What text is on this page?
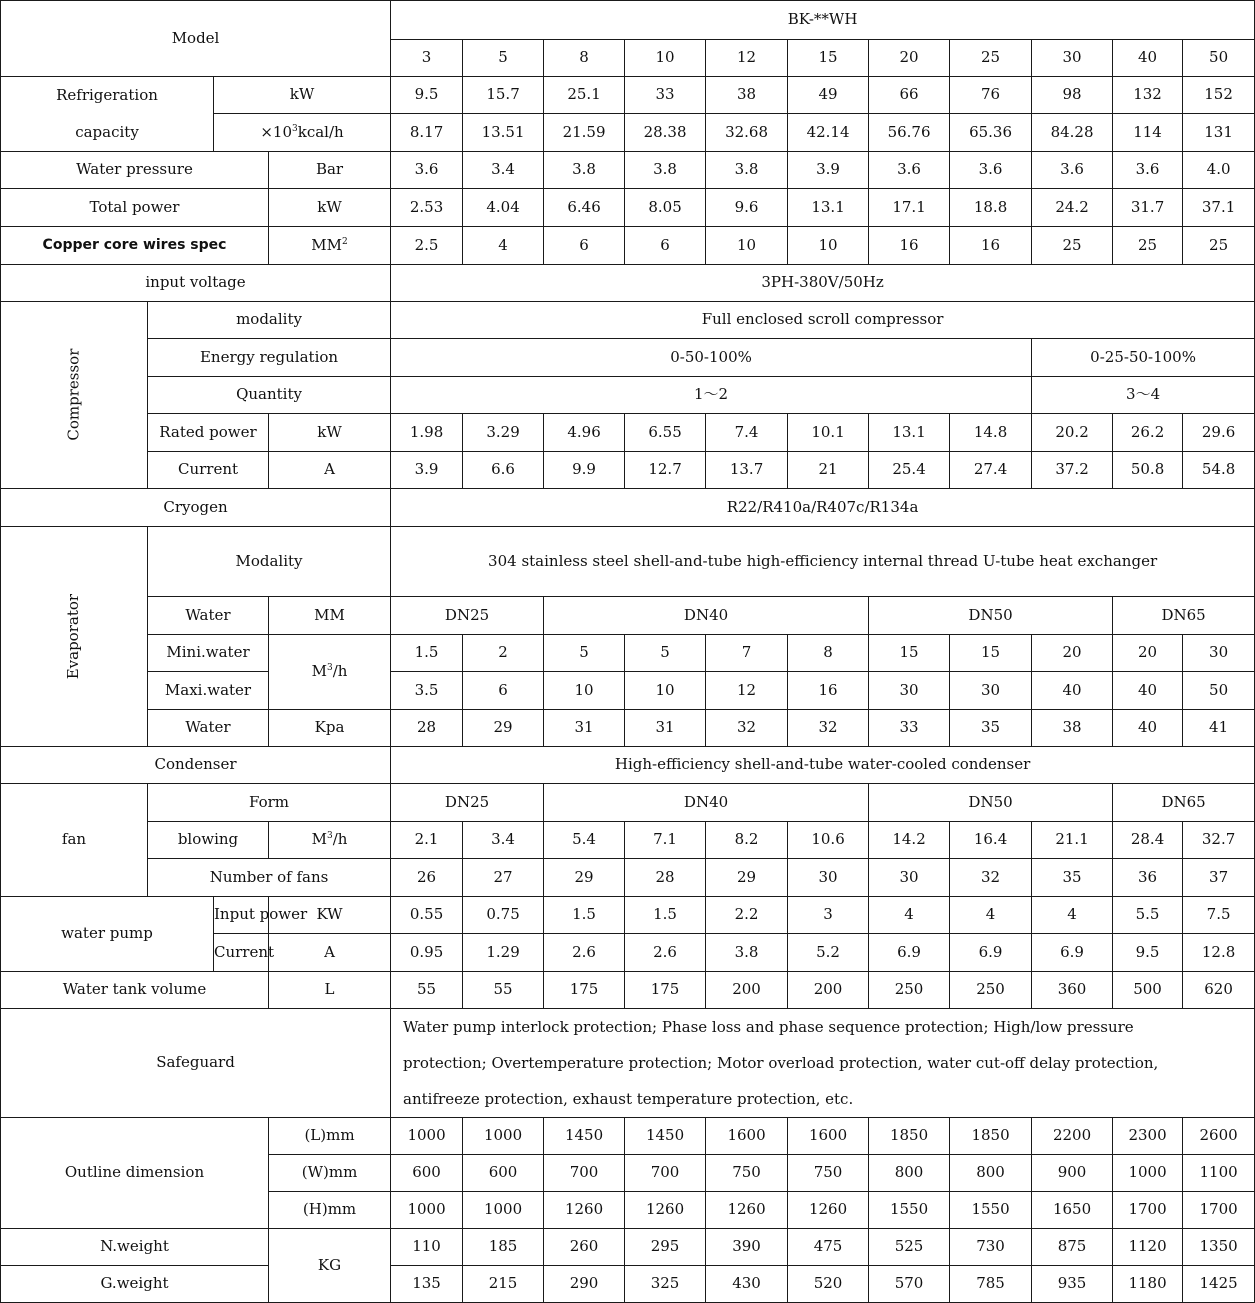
Model				BK-**WH										
				3	5	8	10	12	15	20	25	30	40	50
Refrigeration		kW		9.5	15.7	25.1	33	38	49	66	76	98	132	152
capacity		$\times 10^3kcal/h$		8.17	13.51	21.59	28.38	32.68	42.14	56.76	65.36	84.28	114	131
Water pressure			Bar	3.6	3.4	3.8	3.8	3.8	3.9	3.6	3.6	3.6	3.6	4.0
Total power			kW	2.53	4.04	6.46	8.05	9.6	13.1	17.1	18.8	24.2	31.7	37.1
Copper core wires spec			$MM^2$	2.5	4	6	6	10	10	16	16	25	25	25
input voltage				3PH-380V/50Hz										
Compressor	modality			Full enclosed scroll compressor										
	Energy regulation			0-50-100%								0-25-50-100%		
	Quantity			1～2								3～4		
	Rated power		kW	1.98	3.29	4.96	6.55	7.4	10.1	13.1	14.8	20.2	26.2	29.6
	Current		A	3.9	6.6	9.9	12.7	13.7	21	25.4	27.4	37.2	50.8	54.8
Cryogen				R22/R410a/R407c/R134a										
Evaporator	Modality			304 stainless steel shell-and-tube high-efficiency internal thread U-tube heat exchanger										
	Water		MM	DN25		DN40				DN50			DN65	
	Mini.water		$M^3/h$	1.5	2	5	5	7	8	15	15	20	20	30
	Maxi.water			3.5	6	10	10	12	16	30	30	40	40	50
	Water		Kpa	28	29	31	31	32	32	33	35	38	40	41
Condenser				High-efficiency shell-and-tube water-cooled condenser										
fan	Form			DN25		DN40				DN50			DN65	
	blowing		$M^3/h$	2.1	3.4	5.4	7.1	8.2	10.6	14.2	16.4	21.1	28.4	32.7
	Number of fans			26	27	29	28	29	30	30	32	35	36	37
water pump		Input power	KW	0.55	0.75	1.5	1.5	2.2	3	4	4	4	5.5	7.5
		Current	A	0.95	1.29	2.6	2.6	3.8	5.2	6.9	6.9	6.9	9.5	12.8
Water tank volume			L	55	55	175	175	200	200	250	250	360	500	620
Safeguard				Water pump interlock protection; Phase loss and phase sequence protection; High/low pressure
protection; Overtemperature protection; Motor overload protection, water cut-off delay protection,
antifreeze protection, exhaust temperature protection, etc.										

Outline dimension			(L)mm	1000	1000	1450	1450	1600	1600	1850	1850	2200	2300	2600
			(W)mm	600	600	700	700	750	750	800	800	900	1000	1100
			(H)mm	1000	1000	1260	1260	1260	1260	1550	1550	1650	1700	1700
N.weight			KG	110	185	260	295	390	475	525	730	875	1120	1350
G.weight				135	215	290	325	430	520	570	785	935	1180	1425
